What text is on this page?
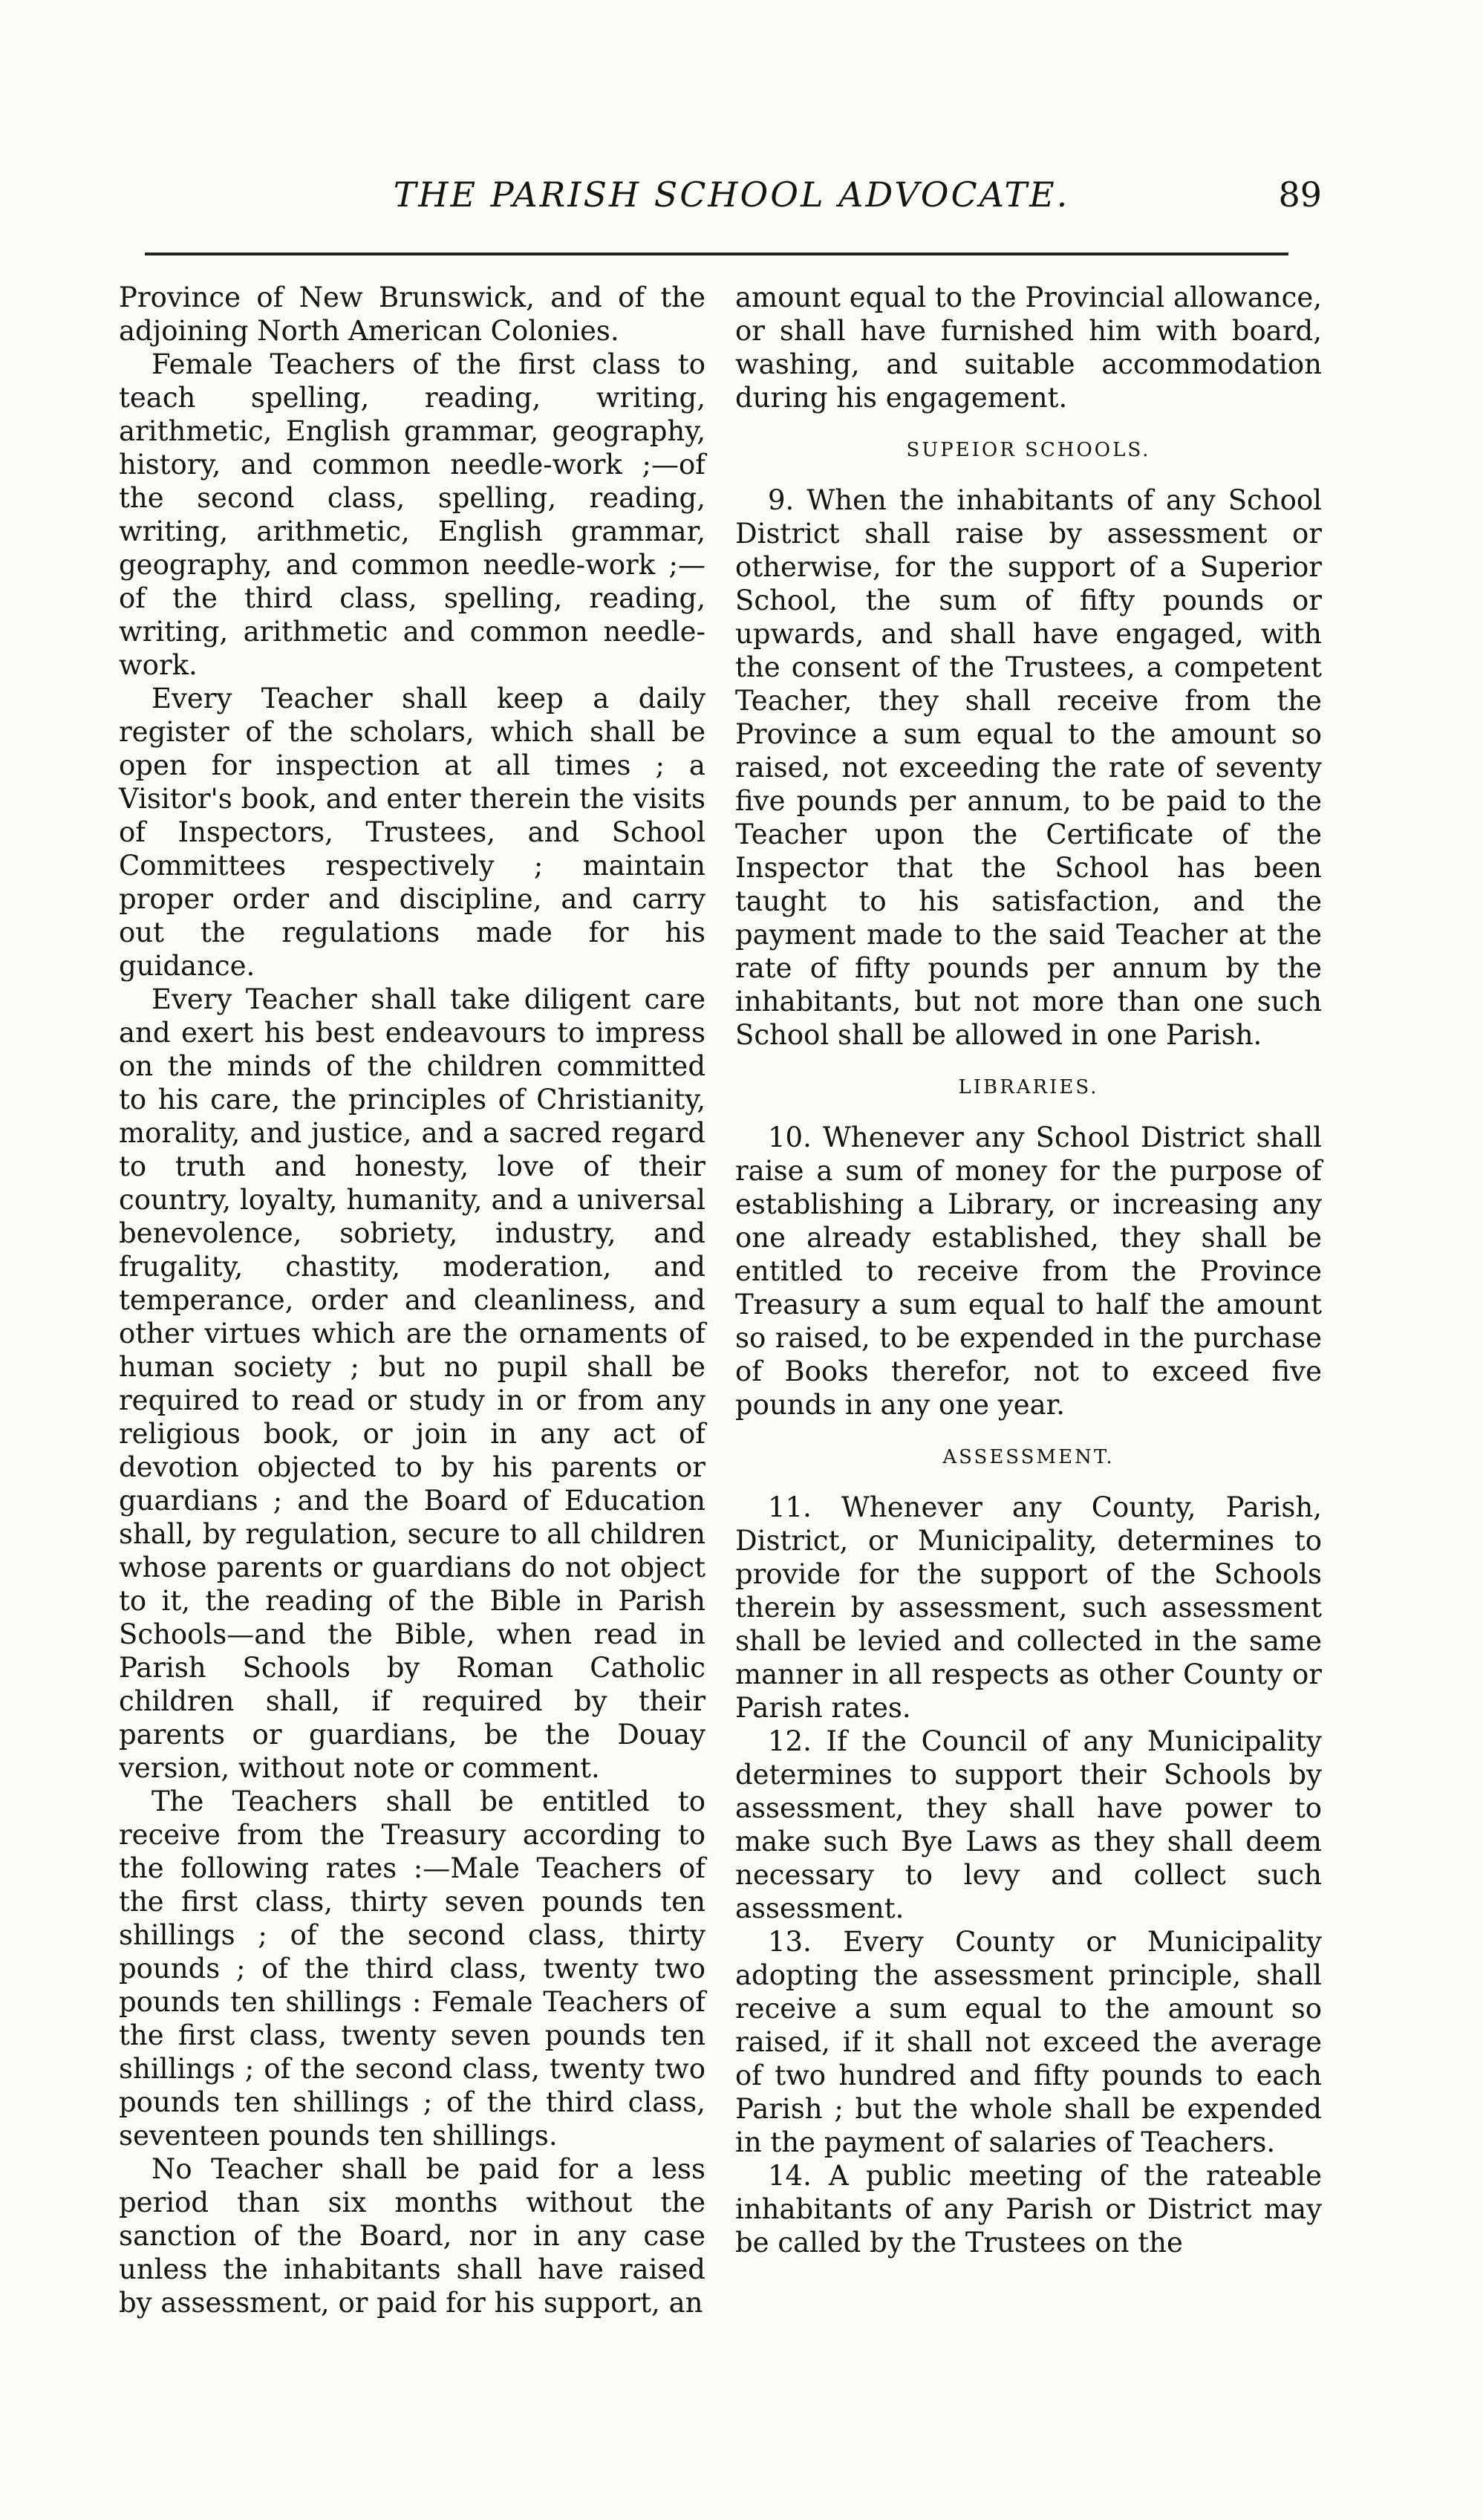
THE PARISH SCHOOL ADVOCATE.	89

Province of New Brunswick, and of the adjoining North American Colonies.

Female Teachers of the first class to teach spelling, reading, writing, arithmetic, English grammar, geography, history, and common needle-work ;—of the second class, spelling, reading, writing, arithmetic, English grammar, geography, and common needle-work ;—of the third class, spelling, reading, writing, arithmetic and common needle-work.

Every Teacher shall keep a daily register of the scholars, which shall be open for inspection at all times ; a Visitor's book, and enter therein the visits of Inspectors, Trustees, and School Committees respectively ; maintain proper order and discipline, and carry out the regulations made for his guidance.

Every Teacher shall take diligent care and exert his best endeavours to impress on the minds of the children committed to his care, the principles of Christianity, morality, and justice, and a sacred regard to truth and honesty, love of their country, loyalty, humanity, and a universal benevolence, sobriety, industry, and frugality, chastity, moderation, and temperance, order and cleanliness, and other virtues which are the ornaments of human society ; but no pupil shall be required to read or study in or from any religious book, or join in any act of devotion objected to by his parents or guardians ; and the Board of Education shall, by regulation, secure to all children whose parents or guardians do not object to it, the reading of the Bible in Parish Schools—and the Bible, when read in Parish Schools by Roman Catholic children shall, if required by their parents or guardians, be the Douay version, without note or comment.

The Teachers shall be entitled to receive from the Treasury according to the following rates :—Male Teachers of the first class, thirty seven pounds ten shillings ; of the second class, thirty pounds ; of the third class, twenty two pounds ten shillings : Female Teachers of the first class, twenty seven pounds ten shillings ; of the second class, twenty two pounds ten shillings ; of the third class, seventeen pounds ten shillings.

No Teacher shall be paid for a less period than six months without the sanction of the Board, nor in any case unless the inhabitants shall have raised by assessment, or paid for his support, an

amount equal to the Provincial allowance, or shall have furnished him with board, washing, and suitable accommodation during his engagement.

SUPEIOR SCHOOLS.

9. When the inhabitants of any School District shall raise by assessment or otherwise, for the support of a Superior School, the sum of fifty pounds or upwards, and shall have engaged, with the consent of the Trustees, a competent Teacher, they shall receive from the Province a sum equal to the amount so raised, not exceeding the rate of seventy five pounds per annum, to be paid to the Teacher upon the Certificate of the Inspector that the School has been taught to his satisfaction, and the payment made to the said Teacher at the rate of fifty pounds per annum by the inhabitants, but not more than one such School shall be allowed in one Parish.

LIBRARIES.

10. Whenever any School District shall raise a sum of money for the purpose of establishing a Library, or increasing any one already established, they shall be entitled to receive from the Province Treasury a sum equal to half the amount so raised, to be expended in the purchase of Books therefor, not to exceed five pounds in any one year.

ASSESSMENT.

11. Whenever any County, Parish, District, or Municipality, determines to provide for the support of the Schools therein by assessment, such assessment shall be levied and collected in the same manner in all respects as other County or Parish rates.

12. If the Council of any Municipality determines to support their Schools by assessment, they shall have power to make such Bye Laws as they shall deem necessary to levy and collect such assessment.

13. Every County or Municipality adopting the assessment principle, shall receive a sum equal to the amount so raised, if it shall not exceed the average of two hundred and fifty pounds to each Parish ; but the whole shall be expended in the payment of salaries of Teachers.

14. A public meeting of the rateable inhabitants of any Parish or District may be called by the Trustees on the
